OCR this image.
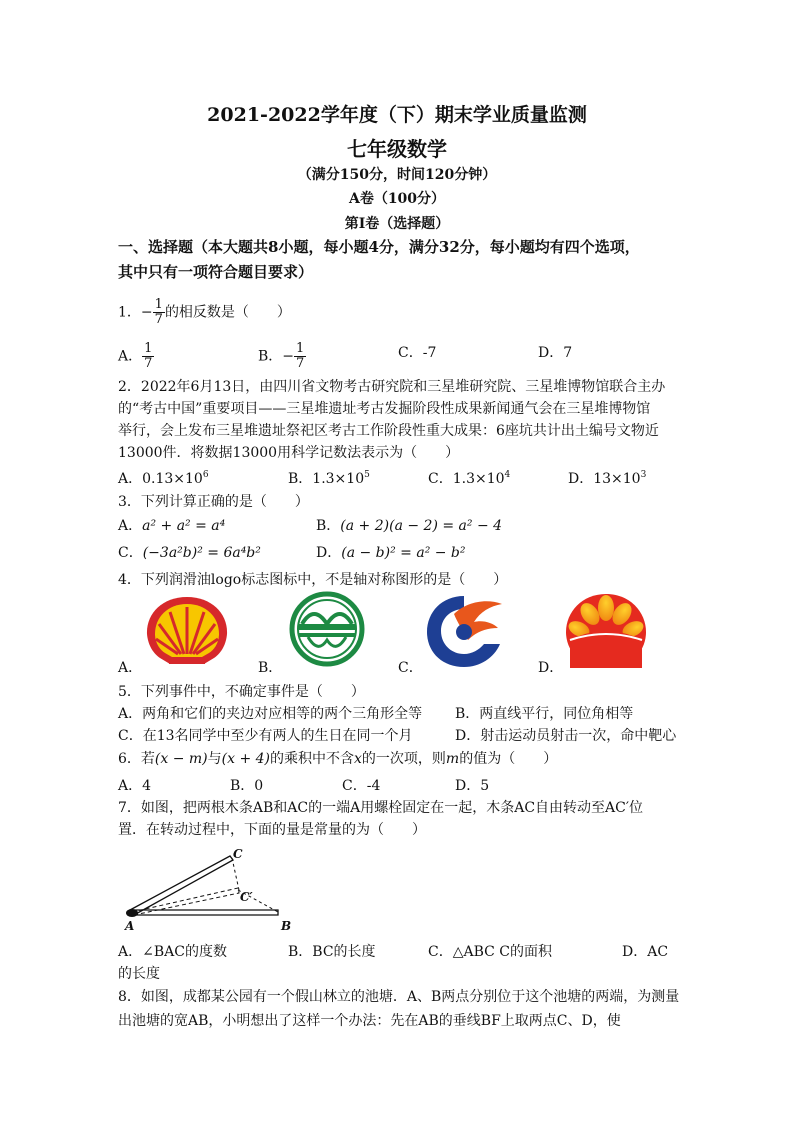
2021-2022学年度（下）期末学业质量监测
七年级数学
（满分150分，时间120分钟）
A卷（100分）
第Ⅰ卷（选择题）
一、选择题（本大题共8小题，每小题4分，满分32分，每小题均有四个选项，
其中只有一项符合题目要求）
1．− $\frac{1}{7}$ 的相反数是（　　）
A． $\frac{1}{7}$	B．− $\frac{1}{7}$	C．-7	D．7
2．2022年6月13日，由四川省文物考古研究院和三星堆研究院、三星堆博物馆联合主办
的“考古中国”重要项目——三星堆遗址考古发掘阶段性成果新闻通气会在三星堆博物馆
举行，会上发布三星堆遗址祭祀区考古工作阶段性重大成果：6座坑共计出土编号文物近
13000件．将数据13000用科学记数法表示为（　　）
A．$0.13\times 10^6$	B．$1.3\times 10^5$	C．$1.3\times 10^4$	D．$13\times 10^3$
3．下列计算正确的是（　　）
A．a² + a² = a⁴	B．(a + 2)(a − 2) = a² − 4
C．(−3a²b)² = 6a⁴b²	D．(a − b)² = a² − b²
4．下列润滑油logo标志图标中，不是轴对称图形的是（　　）
A．	B．	C．	D．
5．下列事件中，不确定事件是（　　）
A．两角和它们的夹边对应相等的两个三角形全等 B．两直线平行，同位角相等
C．在13名同学中至少有两人的生日在同一个月	D．射击运动员射击一次，命中靶心
6．若(x − m)与(x + 4)的乘积中不含x的一次项，则m的值为（　　）
A．4	B．0	C．-4	D．5
7．如图，把两根木条AB和AC的一端A用螺栓固定在一起，木条AC自由转动至AC′位
置．在转动过程中，下面的量是常量的为（　　）
C
C′
A	B
A．∠BAC的度数	B．BC的长度	C．△ABC C的面积	D．AC
的长度
8．如图，成都某公园有一个假山林立的池塘．A、B两点分别位于这个池塘的两端，为测量
出池塘的宽AB，小明想出了这样一个办法：先在AB的垂线BF上取两点C、D，使
